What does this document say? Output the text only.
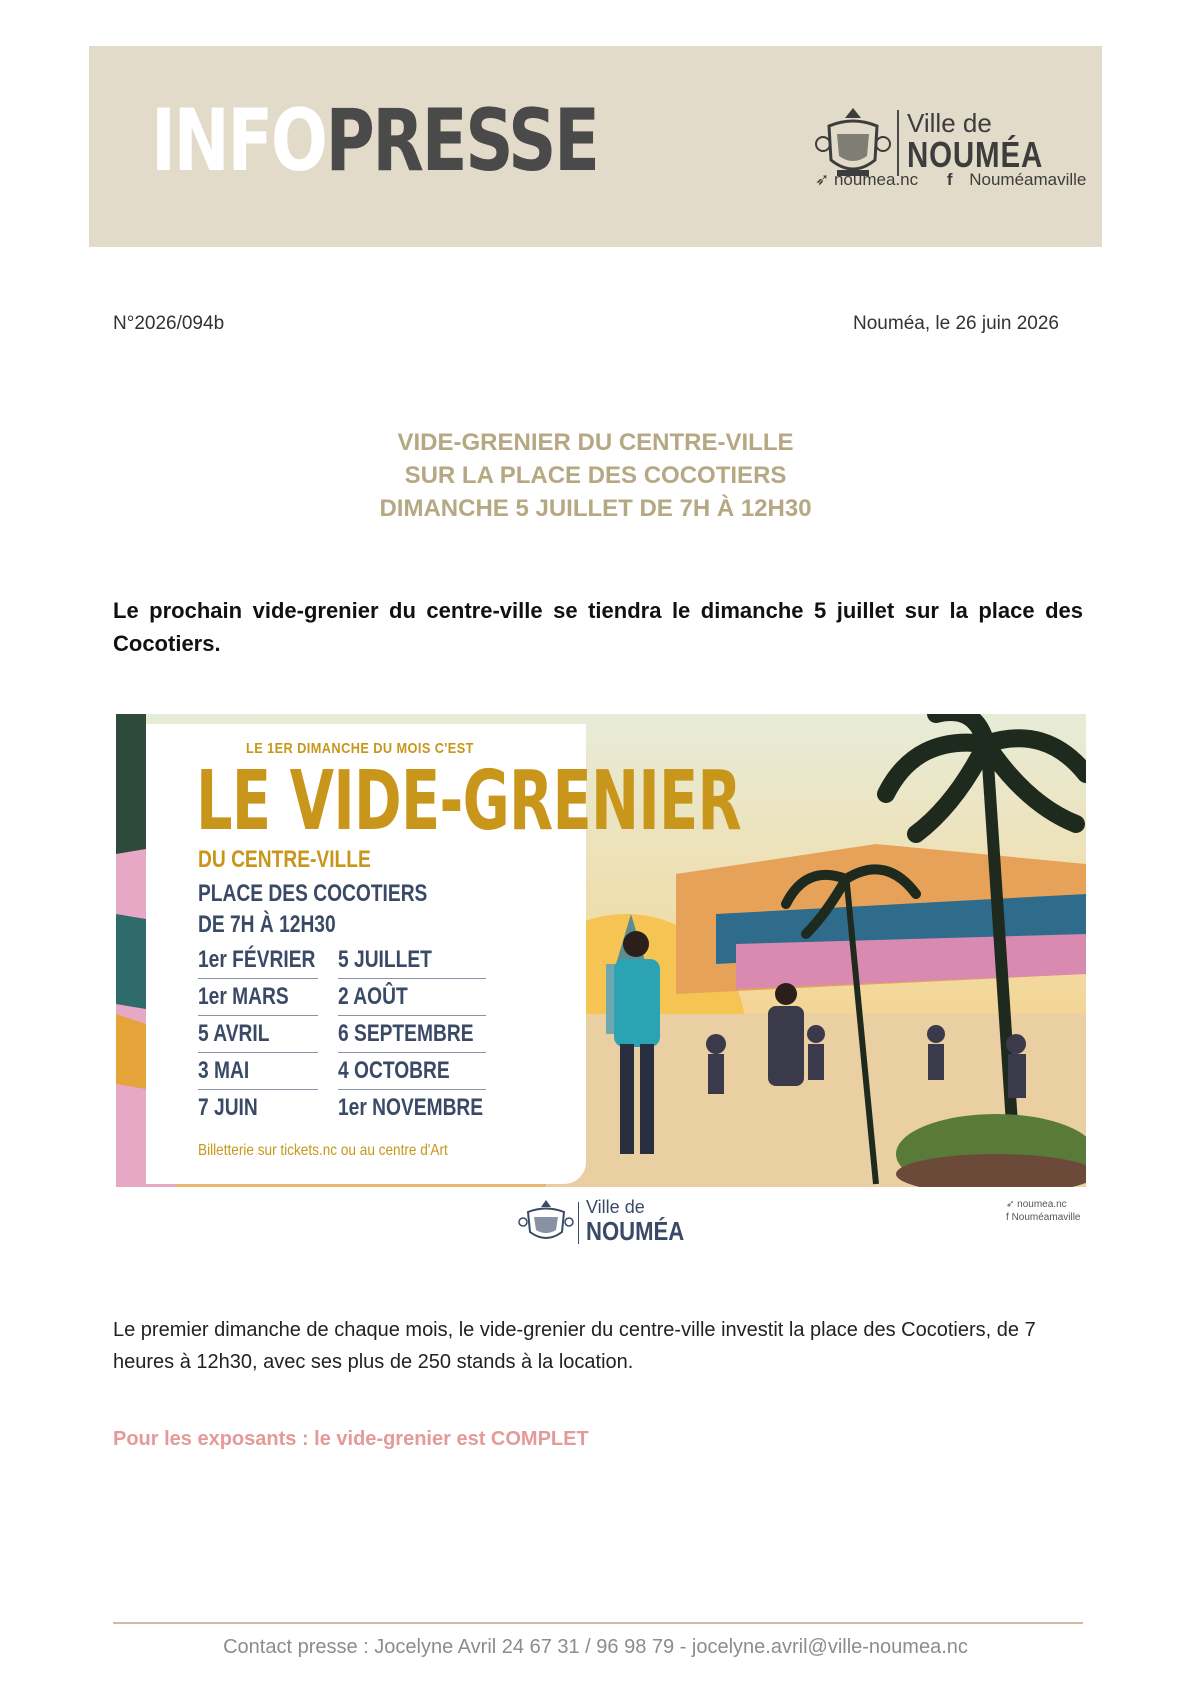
INFOPRESSE	Ville de
NOUMÉA
➶ noumea.nc f Nouméamaville
N°2026/094b	Nouméa, le 26 juin 2026
VIDE-GRENIER DU CENTRE-VILLE
SUR LA PLACE DES COCOTIERS
DIMANCHE 5 JUILLET DE 7H À 12H30
Le prochain vide-grenier du centre-ville se tiendra le dimanche 5 juillet sur la place des Cocotiers.
LE 1ER DIMANCHE DU MOIS C'EST
LE VIDE-GRENIER
DU CENTRE-VILLE
PLACE DES COCOTIERS
DE 7H À 12H30
1er FÉVRIER
1er MARS
5 AVRIL
3 MAI
7 JUIN
5 JUILLET
2 AOÛT
6 SEPTEMBRE
4 OCTOBRE
1er NOVEMBRE
Billetterie sur tickets.nc ou au centre d'Art
Ville de
NOUMÉA
➶ noumea.nc
f Nouméamaville
Le premier dimanche de chaque mois, le vide-grenier du centre-ville investit la place des Cocotiers, de 7 heures à 12h30, avec ses plus de 250 stands à la location.
Pour les exposants : le vide-grenier est COMPLET
Contact presse : Jocelyne Avril 24 67 31 / 96 98 79 - jocelyne.avril@ville-noumea.nc
